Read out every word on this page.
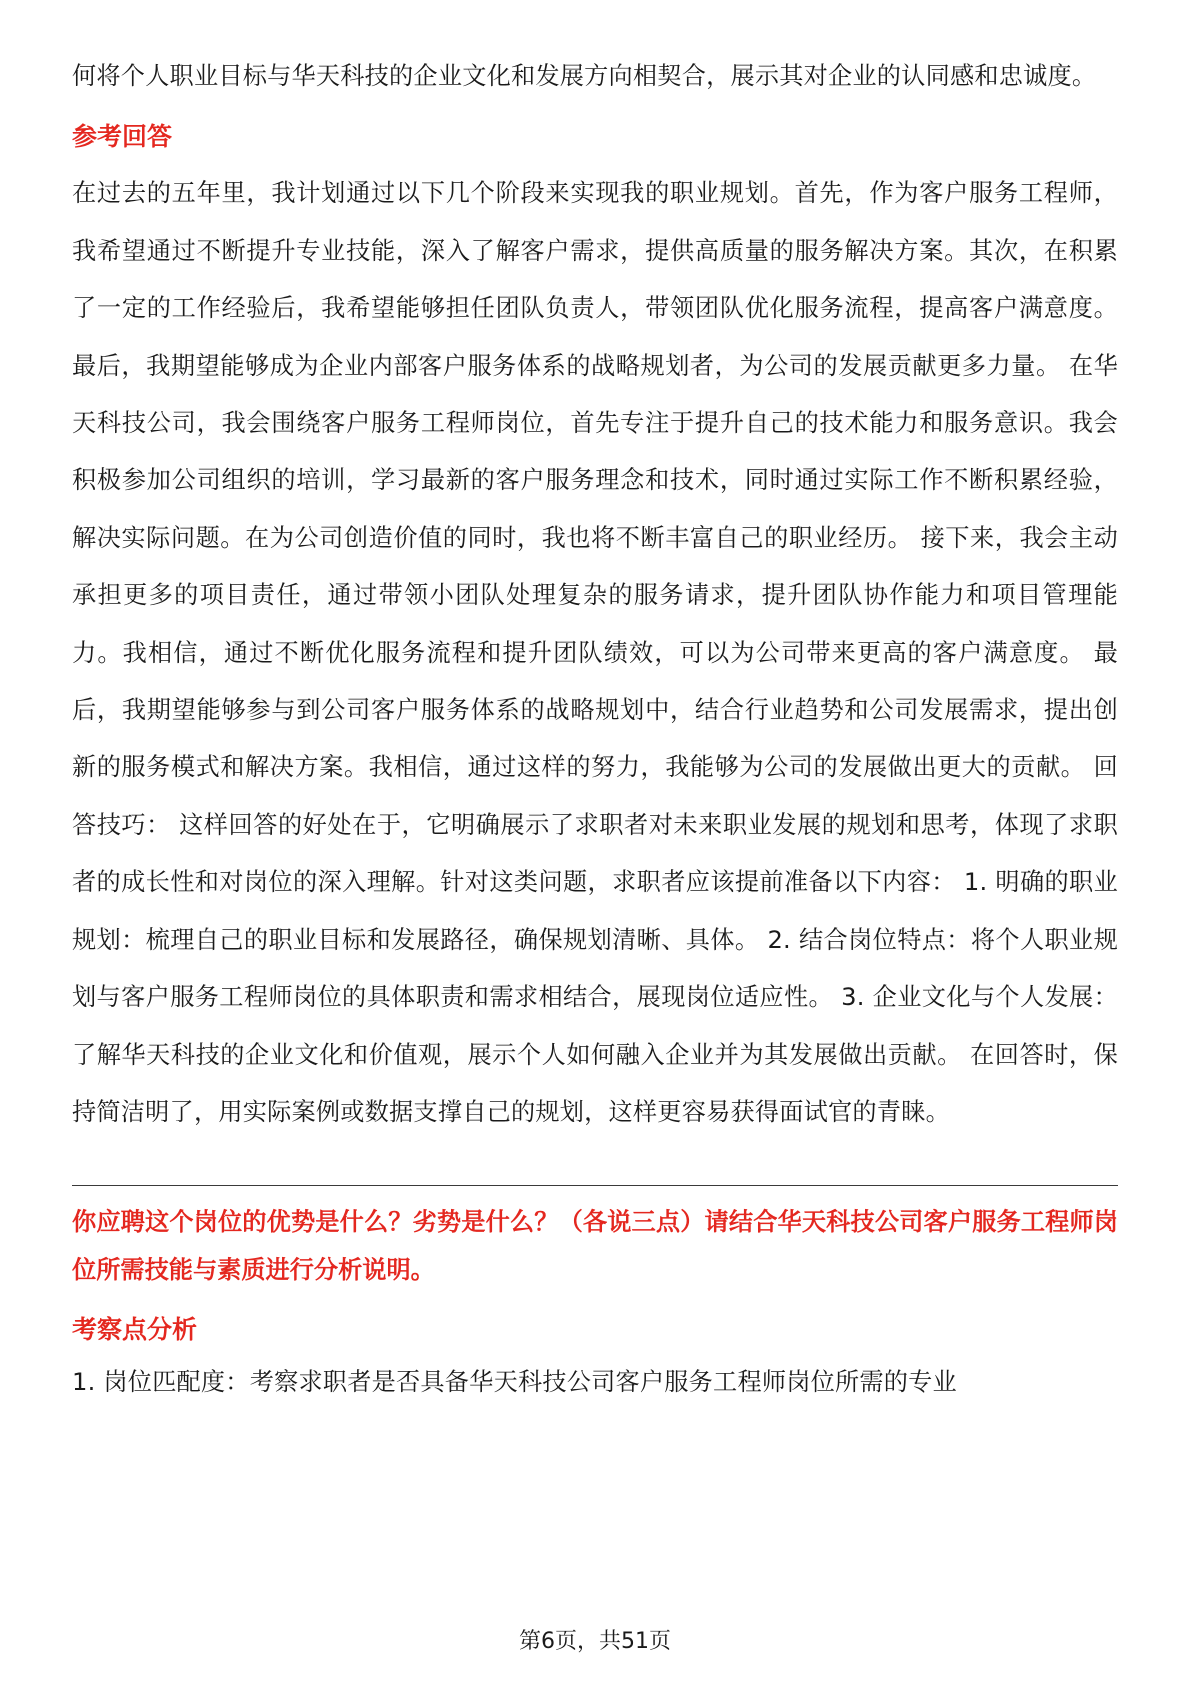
何将个人职业目标与华天科技的企业文化和发展方向相契合，展示其对企业的认同感和忠诚度。

参考回答

在过去的五年里，我计划通过以下几个阶段来实现我的职业规划。首先，作为客户服务工程师，我希望通过不断提升专业技能，深入了解客户需求，提供高质量的服务解决方案。其次，在积累了一定的工作经验后，我希望能够担任团队负责人，带领团队优化服务流程，提高客户满意度。最后，我期望能够成为企业内部客户服务体系的战略规划者，为公司的发展贡献更多力量。 在华天科技公司，我会围绕客户服务工程师岗位，首先专注于提升自己的技术能力和服务意识。我会积极参加公司组织的培训，学习最新的客户服务理念和技术，同时通过实际工作不断积累经验，解决实际问题。在为公司创造价值的同时，我也将不断丰富自己的职业经历。 接下来，我会主动承担更多的项目责任，通过带领小团队处理复杂的服务请求，提升团队协作能力和项目管理能力。我相信，通过不断优化服务流程和提升团队绩效，可以为公司带来更高的客户满意度。 最后，我期望能够参与到公司客户服务体系的战略规划中，结合行业趋势和公司发展需求，提出创新的服务模式和解决方案。我相信，通过这样的努力，我能够为公司的发展做出更大的贡献。 回答技巧： 这样回答的好处在于，它明确展示了求职者对未来职业发展的规划和思考，体现了求职者的成长性和对岗位的深入理解。针对这类问题，求职者应该提前准备以下内容： 1. 明确的职业规划：梳理自己的职业目标和发展路径，确保规划清晰、具体。 2. 结合岗位特点：将个人职业规划与客户服务工程师岗位的具体职责和需求相结合，展现岗位适应性。 3. 企业文化与个人发展：了解华天科技的企业文化和价值观，展示个人如何融入企业并为其发展做出贡献。 在回答时，保持简洁明了，用实际案例或数据支撑自己的规划，这样更容易获得面试官的青睐。

你应聘这个岗位的优势是什么？劣势是什么？（各说三点）请结合华天科技公司客户服务工程师岗位所需技能与素质进行分析说明。

考察点分析

1. 岗位匹配度：考察求职者是否具备华天科技公司客户服务工程师岗位所需的专业

第6页，共51页
